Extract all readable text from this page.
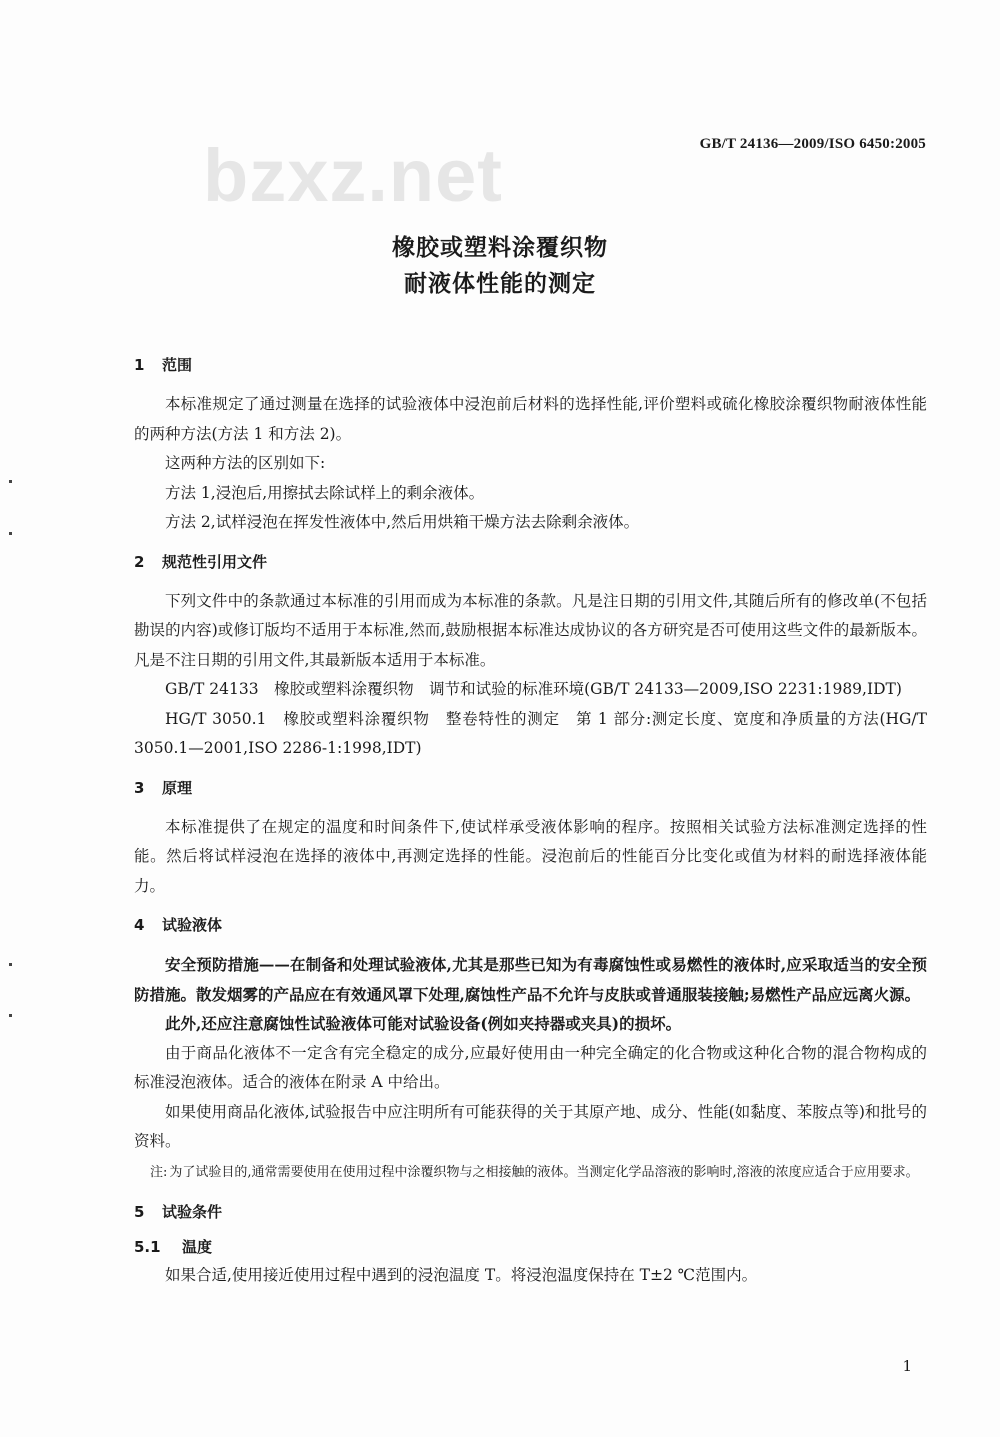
bzxz.net	GB/T 24136—2009/ISO 6450:2005
橡胶或塑料涂覆织物
耐液体性能的测定
1 范围

本标准规定了通过测量在选择的试验液体中浸泡前后材料的选择性能,评价塑料或硫化橡胶涂覆织物耐液体性能的两种方法(方法 1 和方法 2)。

这两种方法的区别如下:

方法 1,浸泡后,用擦拭去除试样上的剩余液体。

方法 2,试样浸泡在挥发性液体中,然后用烘箱干燥方法去除剩余液体。

2 规范性引用文件

下列文件中的条款通过本标准的引用而成为本标准的条款。凡是注日期的引用文件,其随后所有的修改单(不包括勘误的内容)或修订版均不适用于本标准,然而,鼓励根据本标准达成协议的各方研究是否可使用这些文件的最新版本。凡是不注日期的引用文件,其最新版本适用于本标准。

GB/T 24133　橡胶或塑料涂覆织物　调节和试验的标准环境(GB/T 24133—2009,ISO 2231:1989,IDT)

HG/T 3050.1　橡胶或塑料涂覆织物　整卷特性的测定　第 1 部分:测定长度、宽度和净质量的方法(HG/T 3050.1—2001,ISO 2286-1:1998,IDT)

3 原理

本标准提供了在规定的温度和时间条件下,使试样承受液体影响的程序。按照相关试验方法标准测定选择的性能。然后将试样浸泡在选择的液体中,再测定选择的性能。浸泡前后的性能百分比变化或值为材料的耐选择液体能力。

4 试验液体

安全预防措施——在制备和处理试验液体,尤其是那些已知为有毒腐蚀性或易燃性的液体时,应采取适当的安全预防措施。散发烟雾的产品应在有效通风罩下处理,腐蚀性产品不允许与皮肤或普通服装接触;易燃性产品应远离火源。

此外,还应注意腐蚀性试验液体可能对试验设备(例如夹持器或夹具)的损坏。

由于商品化液体不一定含有完全稳定的成分,应最好使用由一种完全确定的化合物或这种化合物的混合物构成的标准浸泡液体。适合的液体在附录 A 中给出。

如果使用商品化液体,试验报告中应注明所有可能获得的关于其原产地、成分、性能(如黏度、苯胺点等)和批号的资料。

注: 为了试验目的,通常需要使用在使用过程中涂覆织物与之相接触的液体。当测定化学品溶液的影响时,溶液的浓度应适合于应用要求。

5 试验条件
5.1 温度

如果合适,使用接近使用过程中遇到的浸泡温度 T。将浸泡温度保持在 T±2 ℃范围内。

1
